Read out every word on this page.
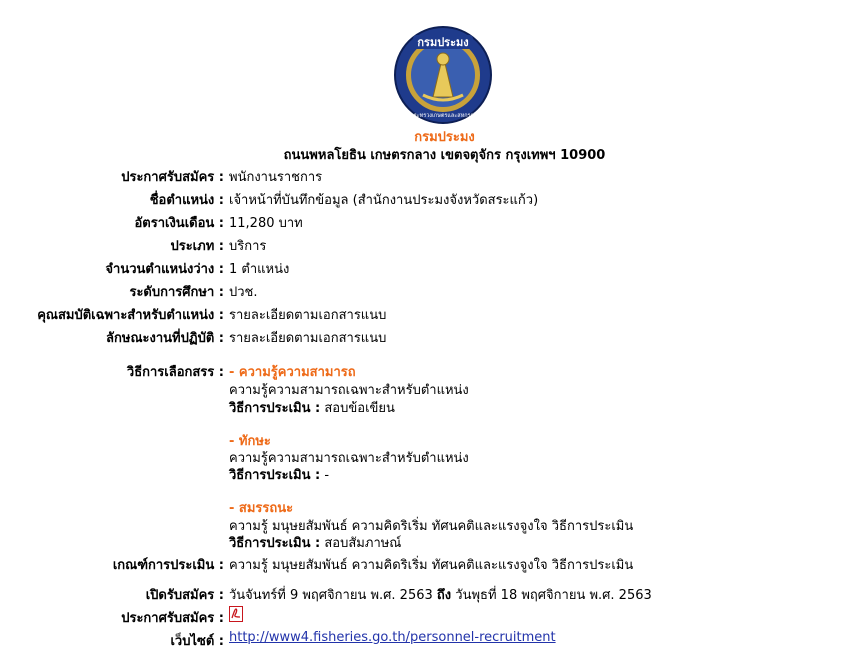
กรมประมง
กระทรวงเกษตรและสหกรณ์
กรมประมง
ถนนพหลโยธิน เกษตรกลาง เขตจตุจักร กรุงเทพฯ 10900
ประกาศรับสมัคร : พนักงานราชการ
ชื่อตำแหน่ง : เจ้าหน้าที่บันทึกข้อมูล (สำนักงานประมงจังหวัดสระแก้ว)
อัตราเงินเดือน : 11,280 บาท
ประเภท : บริการ
จำนวนตำแหน่งว่าง : 1 ตำแหน่ง
ระดับการศึกษา : ปวช.
คุณสมบัติเฉพาะสำหรับตำแหน่ง : รายละเอียดตามเอกสารแนบ
ลักษณะงานที่ปฏิบัติ : รายละเอียดตามเอกสารแนบ
วิธีการเลือกสรร : - ความรู้ความสามารถ
ความรู้ความสามารถเฉพาะสำหรับตำแหน่ง
วิธีการประเมิน : สอบข้อเขียน
- ทักษะ
ความรู้ความสามารถเฉพาะสำหรับตำแหน่ง
วิธีการประเมิน : -
- สมรรถนะ
ความรู้ มนุษยสัมพันธ์ ความคิดริเริ่ม ทัศนคติและแรงจูงใจ วิธีการประเมิน
วิธีการประเมิน : สอบสัมภาษณ์
เกณฑ์การประเมิน : ความรู้ มนุษยสัมพันธ์ ความคิดริเริ่ม ทัศนคติและแรงจูงใจ วิธีการประเมิน
เปิดรับสมัคร : วันจันทร์ที่ 9 พฤศจิกายน พ.ศ. 2563 ถึง วันพุธที่ 18 พฤศจิกายน พ.ศ. 2563
ประกาศรับสมัคร :
เว็บไซต์ : http://www4.fisheries.go.th/personnel-recruitment
